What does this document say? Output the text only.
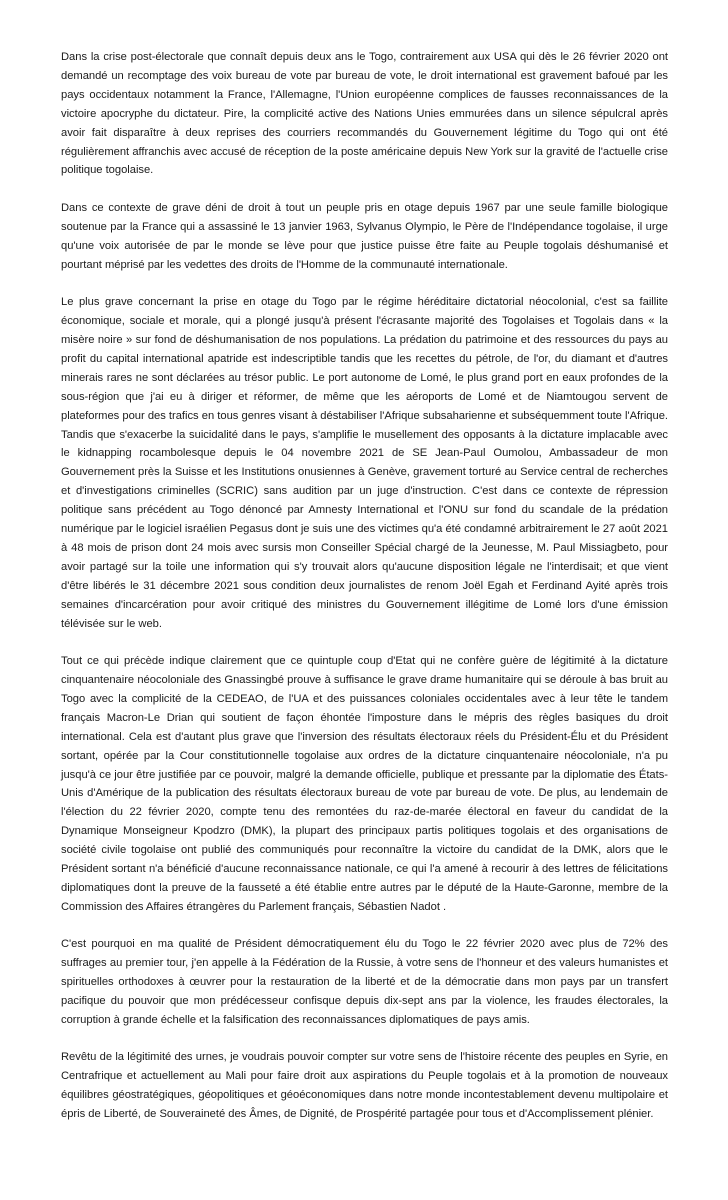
Dans la crise post-électorale que connaît depuis deux ans le Togo, contrairement aux USA qui dès le 26 février 2020 ont demandé un recomptage des voix bureau de vote par bureau de vote, le droit international est gravement bafoué par les pays occidentaux notamment la France, l'Allemagne, l'Union européenne complices de fausses reconnaissances de la victoire apocryphe du dictateur. Pire, la complicité active des Nations Unies emmurées dans un silence sépulcral après avoir fait disparaître à deux reprises des courriers recommandés du Gouvernement légitime du Togo qui ont été régulièrement affranchis avec accusé de réception de la poste américaine depuis New York sur la gravité de l'actuelle crise politique togolaise.

Dans ce contexte de grave déni de droit à tout un peuple pris en otage depuis 1967 par une seule famille biologique soutenue par la France qui a assassiné le 13 janvier 1963, Sylvanus Olympio, le Père de l'Indépendance togolaise, il urge qu'une voix autorisée de par le monde se lève pour que justice puisse être faite au Peuple togolais déshumanisé et pourtant méprisé par les vedettes des droits de l'Homme de la communauté internationale.

Le plus grave concernant la prise en otage du Togo par le régime héréditaire dictatorial néocolonial, c'est sa faillite économique, sociale et morale, qui a plongé jusqu'à présent l'écrasante majorité des Togolaises et Togolais dans « la misère noire » sur fond de déshumanisation de nos populations. La prédation du patrimoine et des ressources du pays au profit du capital international apatride est indescriptible tandis que les recettes du pétrole, de l'or, du diamant et d'autres minerais rares ne sont déclarées au trésor public. Le port autonome de Lomé, le plus grand port en eaux profondes de la sous-région que j'ai eu à diriger et réformer, de même que les aéroports de Lomé et de Niamtougou servent de plateformes pour des trafics en tous genres visant à déstabiliser l'Afrique subsaharienne et subséquemment toute l'Afrique. Tandis que s'exacerbe la suicidalité dans le pays, s'amplifie le musellement des opposants à la dictature implacable avec le kidnapping rocambolesque depuis le 04 novembre 2021 de SE Jean-Paul Oumolou, Ambassadeur de mon Gouvernement près la Suisse et les Institutions onusiennes à Genève, gravement torturé au Service central de recherches et d'investigations criminelles (SCRIC) sans audition par un juge d'instruction. C'est dans ce contexte de répression politique sans précédent au Togo dénoncé par Amnesty International et l'ONU sur fond du scandale de la prédation numérique par le logiciel israélien Pegasus dont je suis une des victimes qu'a été condamné arbitrairement le 27 août 2021 à 48 mois de prison dont 24 mois avec sursis mon Conseiller Spécial chargé de la Jeunesse, M. Paul Missiagbeto, pour avoir partagé sur la toile une information qui s'y trouvait alors qu'aucune disposition légale ne l'interdisait; et que vient d'être libérés le 31 décembre 2021 sous condition deux journalistes de renom Joël Egah et Ferdinand Ayité après trois semaines d'incarcération pour avoir critiqué des ministres du Gouvernement illégitime de Lomé lors d'une émission télévisée sur le web.

Tout ce qui précède indique clairement que ce quintuple coup d'Etat qui ne confère guère de légitimité à la dictature cinquantenaire néocoloniale des Gnassingbé prouve à suffisance le grave drame humanitaire qui se déroule à bas bruit au Togo avec la complicité de la CEDEAO, de l'UA et des puissances coloniales occidentales avec à leur tête le tandem français Macron-Le Drian qui soutient de façon éhontée l'imposture dans le mépris des règles basiques du droit international. Cela est d'autant plus grave que l'inversion des résultats électoraux réels du Président-Élu et du Président sortant, opérée par la Cour constitutionnelle togolaise aux ordres de la dictature cinquantenaire néocoloniale, n'a pu jusqu'à ce jour être justifiée par ce pouvoir, malgré la demande officielle, publique et pressante par la diplomatie des États-Unis d'Amérique de la publication des résultats électoraux bureau de vote par bureau de vote. De plus, au lendemain de l'élection du 22 février 2020, compte tenu des remontées du raz-de-marée électoral en faveur du candidat de la Dynamique Monseigneur Kpodzro (DMK), la plupart des principaux partis politiques togolais et des organisations de société civile togolaise ont publié des communiqués pour reconnaître la victoire du candidat de la DMK, alors que le Président sortant n'a bénéficié d'aucune reconnaissance nationale, ce qui l'a amené à recourir à des lettres de félicitations diplomatiques dont la preuve de la fausseté a été établie entre autres par le député de la Haute-Garonne, membre de la Commission des Affaires étrangères du Parlement français, Sébastien Nadot .

C'est pourquoi en ma qualité de Président démocratiquement élu du Togo le 22 février 2020 avec plus de 72% des suffrages au premier tour, j'en appelle à la Fédération de la Russie, à votre sens de l'honneur et des valeurs humanistes et spirituelles orthodoxes à œuvrer pour la restauration de la liberté et de la démocratie dans mon pays par un transfert pacifique du pouvoir que mon prédécesseur confisque depuis dix-sept ans par la violence, les fraudes électorales, la corruption à grande échelle et la falsification des reconnaissances diplomatiques de pays amis.

Revêtu de la légitimité des urnes, je voudrais pouvoir compter sur votre sens de l'histoire récente des peuples en Syrie, en Centrafrique et actuellement au Mali pour faire droit aux aspirations du Peuple togolais et à la promotion de nouveaux équilibres géostratégiques, géopolitiques et géoéconomiques dans notre monde incontestablement devenu multipolaire et épris de Liberté, de Souveraineté des Âmes, de Dignité, de Prospérité partagée pour tous et d'Accomplissement plénier.
